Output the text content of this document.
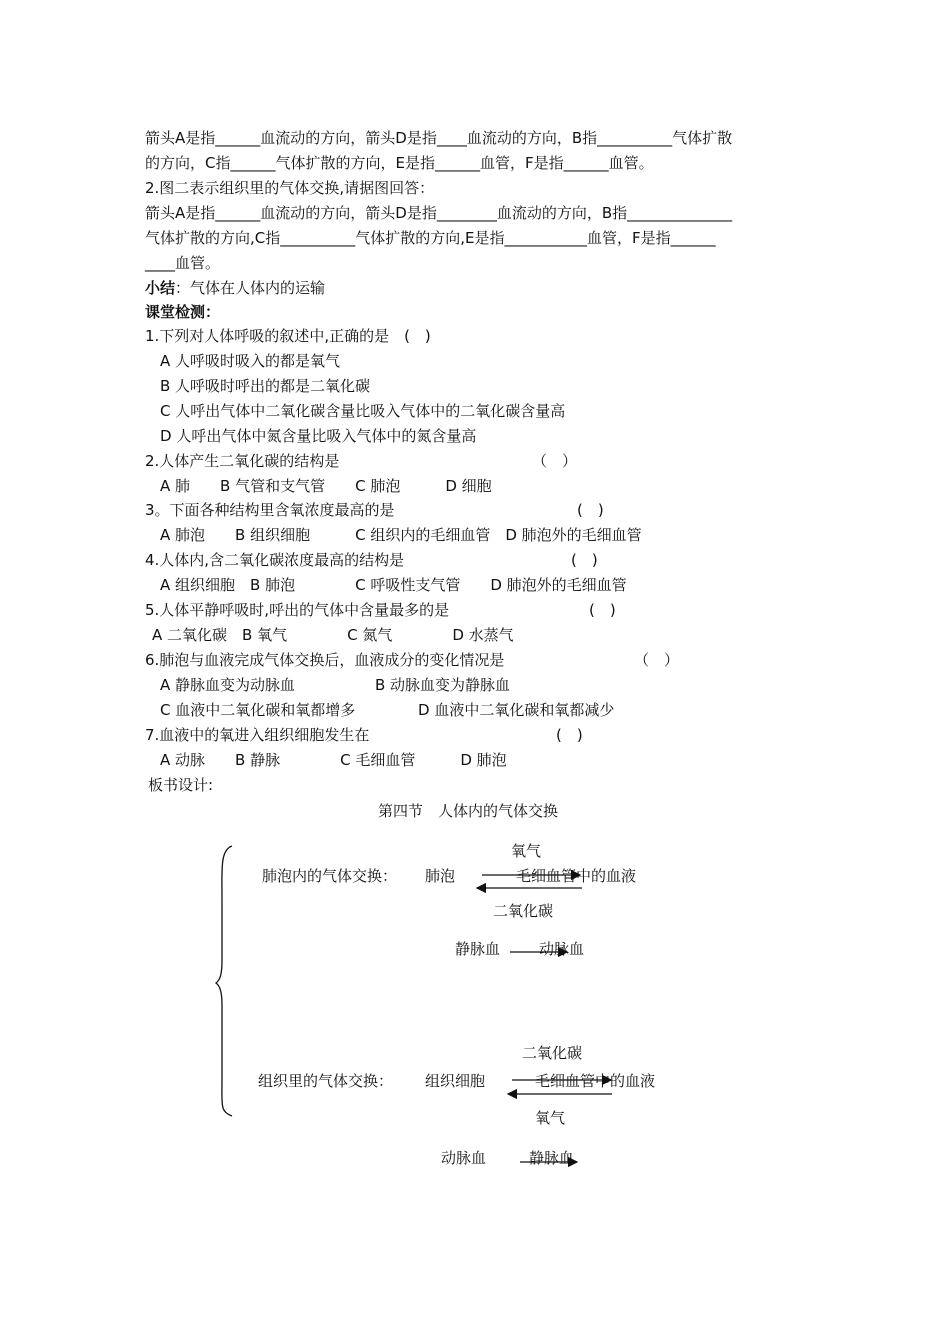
箭头A是指______血流动的方向，箭头D是指____血流动的方向，B指__________气体扩散
的方向，C指______气体扩散的方向，E是指______血管，F是指______血管。
2.图二表示组织里的气体交换,请据图回答：
箭头A是指______血流动的方向，箭头D是指________血流动的方向，B指______________
气体扩散的方向,C指__________气体扩散的方向,E是指___________血管，F是指______
____血管。
小结：气体在人体内的运输
课堂检测：
1.下列对人体呼吸的叙述中,正确的是　(　)
A 人呼吸时吸入的都是氧气
B 人呼吸时呼出的都是二氧化碳
C 人呼出气体中二氧化碳含量比吸入气体中的二氧化碳含量高
D 人呼出气体中氮含量比吸入气体中的氮含量高
2.人体产生二氧化碳的结构是	（　）
A 肺　　B 气管和支气管　　C 肺泡　　　D 细胞
3。下面各种结构里含氧浓度最高的是	(　)
A 肺泡　　B 组织细胞　　　C 组织内的毛细血管　D 肺泡外的毛细血管
4.人体内,含二氧化碳浓度最高的结构是	(　)
A 组织细胞　B 肺泡　　　　C 呼吸性支气管　　D 肺泡外的毛细血管
5.人体平静呼吸时,呼出的气体中含量最多的是	(　)
A 二氧化碳　B 氧气　　　　C 氮气　　　　D 水蒸气
6.肺泡与血液完成气体交换后，血液成分的变化情况是	（　）
A 静脉血变为动脉血	B 动脉血变为静脉血
C 血液中二氧化碳和氧都增多	D 血液中二氧化碳和氧都减少
7.血液中的氧进入组织细胞发生在	(　)
A 动脉　　B 静脉　　　　C 毛细血管　　　D 肺泡
板书设计:
第四节　人体内的气体交换
氧气
肺泡内的气体交换： 肺泡	毛细血管中的血液
二氧化碳
静脉血	动脉血
二氧化碳
组织里的气体交换： 组织细胞	毛细血管中的血液
氧气
动脉血	静脉血
